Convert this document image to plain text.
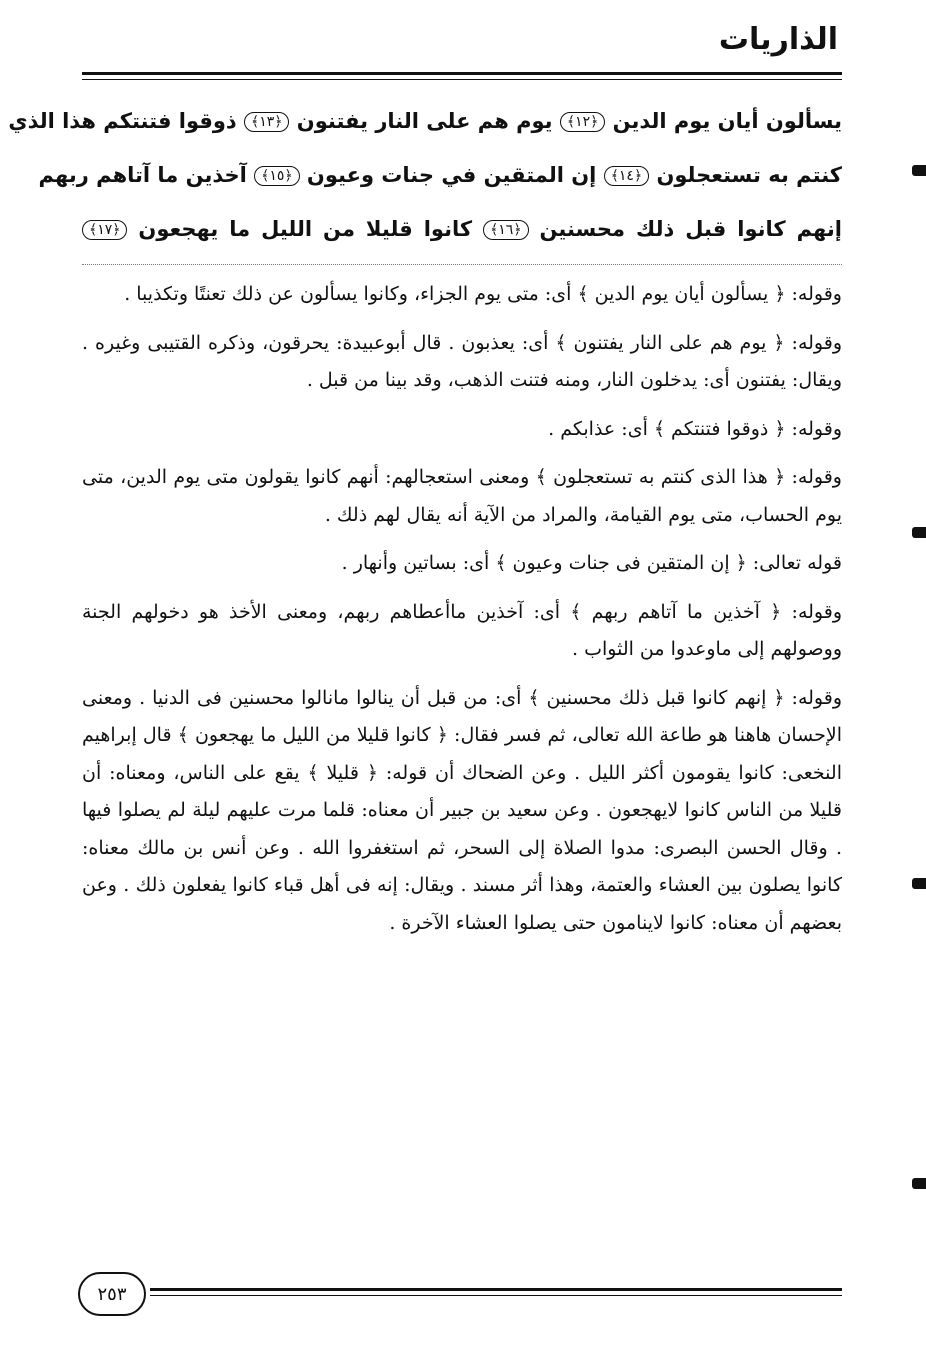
الذاريات
يسألون أيان يوم الدين ﴿١٢﴾ يوم هم على النار يفتنون ﴿١٣﴾ ذوقوا فتنتكم هذا الذي
كنتم به تستعجلون ﴿١٤﴾ إن المتقين في جنات وعيون ﴿١٥﴾ آخذين ما آتاهم ربهم
إنهم كانوا قبل ذلك محسنين ﴿١٦﴾ كانوا قليلا من الليل ما يهجعون ﴿١٧﴾

وقوله: ﴿ يسألون أيان يوم الدين ﴾ أى: متى يوم الجزاء، وكانوا يسألون عن ذلك تعنتًا وتكذيبا .

وقوله: ﴿ يوم هم على النار يفتنون ﴾ أى: يعذبون . قال أبوعبيدة: يحرقون، وذكره القتيبى وغيره . ويقال: يفتنون أى: يدخلون النار، ومنه فتنت الذهب، وقد بينا من قبل .

وقوله: ﴿ ذوقوا فتنتكم ﴾ أى: عذابكم .

وقوله: ﴿ هذا الذى كنتم به تستعجلون ﴾ ومعنى استعجالهم: أنهم كانوا يقولون متى يوم الدين، متى يوم الحساب، متى يوم القيامة، والمراد من الآية أنه يقال لهم ذلك .

قوله تعالى: ﴿ إن المتقين فى جنات وعيون ﴾ أى: بساتين وأنهار .

وقوله: ﴿ آخذين ما آتاهم ربهم ﴾ أى: آخذين ماأعطاهم ربهم، ومعنى الأخذ هو دخولهم الجنة ووصولهم إلى ماوعدوا من الثواب .

وقوله: ﴿ إنهم كانوا قبل ذلك محسنين ﴾ أى: من قبل أن ينالوا مانالوا محسنين فى الدنيا . ومعنى الإحسان هاهنا هو طاعة الله تعالى، ثم فسر فقال: ﴿ كانوا قليلا من الليل ما يهجعون ﴾ قال إبراهيم النخعى: كانوا يقومون أكثر الليل . وعن الضحاك أن قوله: ﴿ قليلا ﴾ يقع على الناس، ومعناه: أن قليلا من الناس كانوا لايهجعون . وعن سعيد بن جبير أن معناه: قلما مرت عليهم ليلة لم يصلوا فيها . وقال الحسن البصرى: مدوا الصلاة إلى السحر، ثم استغفروا الله . وعن أنس بن مالك معناه: كانوا يصلون بين العشاء والعتمة، وهذا أثر مسند . ويقال: إنه فى أهل قباء كانوا يفعلون ذلك . وعن بعضهم أن معناه: كانوا لاينامون حتى يصلوا العشاء الآخرة .

٢٥٣
